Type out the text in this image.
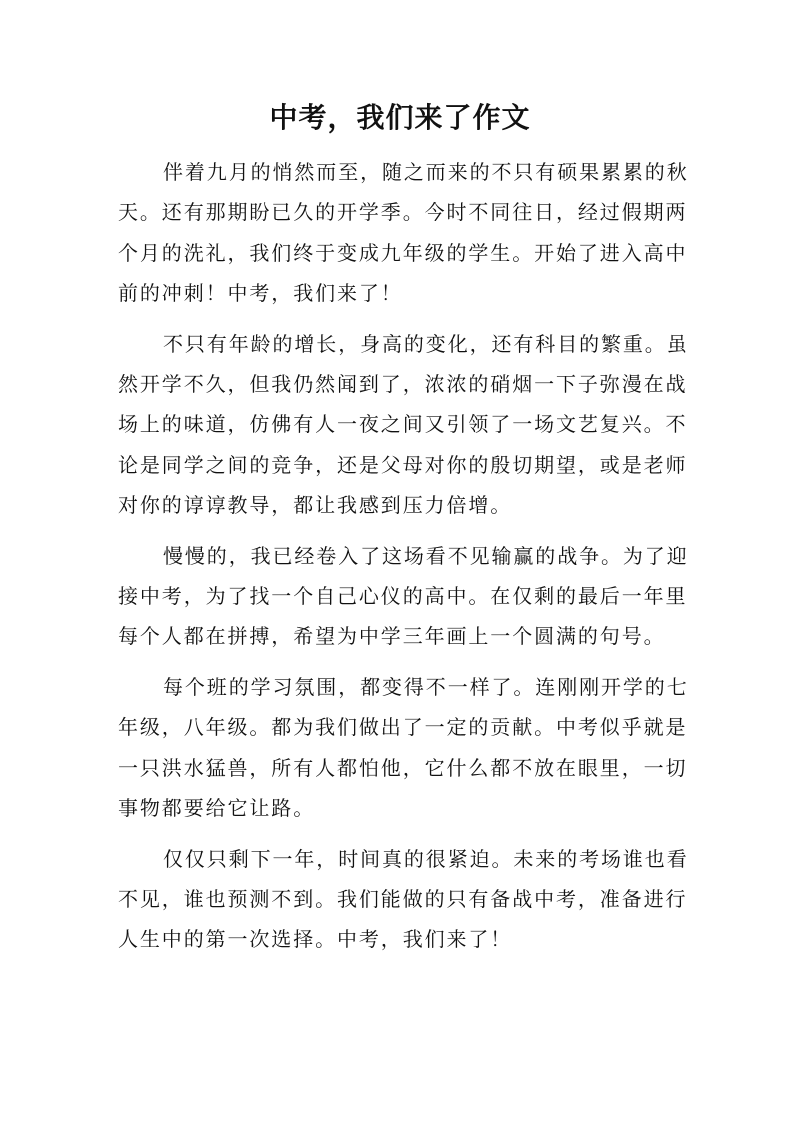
中考，我们来了作文

伴着九月的悄然而至，随之而来的不只有硕果累累的秋
天。还有那期盼已久的开学季。今时不同往日，经过假期两
个月的洗礼，我们终于变成九年级的学生。开始了进入高中
前的冲刺！中考，我们来了！

不只有年龄的增长，身高的变化，还有科目的繁重。虽
然开学不久，但我仍然闻到了，浓浓的硝烟一下子弥漫在战
场上的味道，仿佛有人一夜之间又引领了一场文艺复兴。不
论是同学之间的竞争，还是父母对你的殷切期望，或是老师
对你的谆谆教导，都让我感到压力倍增。

慢慢的，我已经卷入了这场看不见输赢的战争。为了迎
接中考，为了找一个自己心仪的高中。在仅剩的最后一年里
每个人都在拼搏，希望为中学三年画上一个圆满的句号。

每个班的学习氛围，都变得不一样了。连刚刚开学的七
年级，八年级。都为我们做出了一定的贡献。中考似乎就是
一只洪水猛兽，所有人都怕他，它什么都不放在眼里，一切
事物都要给它让路。

仅仅只剩下一年，时间真的很紧迫。未来的考场谁也看
不见，谁也预测不到。我们能做的只有备战中考，准备进行
人生中的第一次选择。中考，我们来了！
